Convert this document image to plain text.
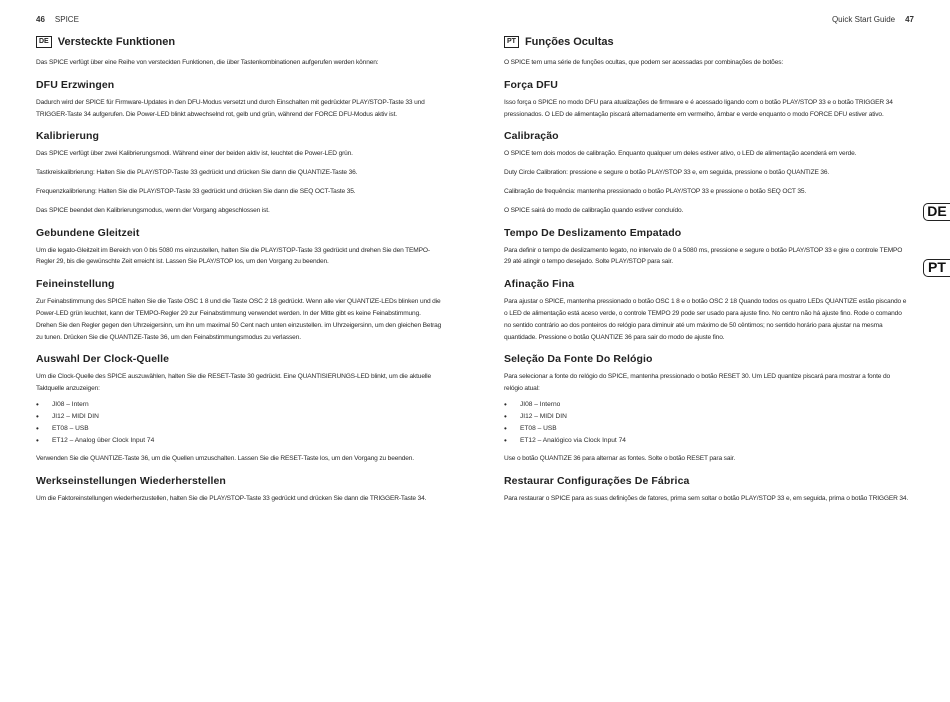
46 SPICE	Quick Start Guide 47
DE Versteckte Funktionen

Das SPICE verfügt über eine Reihe von versteckten Funktionen, die über Tastenkombinationen aufgerufen werden können:

DFU Erzwingen

Dadurch wird der SPICE für Firmware-Updates in den DFU-Modus versetzt und durch Einschalten mit gedrückter PLAY/STOP-Taste 33 und TRIGGER-Taste 34 aufgerufen. Die Power-LED blinkt abwechselnd rot, gelb und grün, während der FORCE DFU-Modus aktiv ist.

Kalibrierung

Das SPICE verfügt über zwei Kalibrierungsmodi. Während einer der beiden aktiv ist, leuchtet die Power-LED grün.

Tastkreiskalibrierung: Halten Sie die PLAY/STOP-Taste 33 gedrückt und drücken Sie dann die QUANTIZE-Taste 36.

Frequenzkalibrierung: Halten Sie die PLAY/STOP-Taste 33 gedrückt und drücken Sie dann die SEQ OCT-Taste 35.

Das SPICE beendet den Kalibrierungsmodus, wenn der Vorgang abgeschlossen ist.

Gebundene Gleitzeit

Um die legato-Gleitzeit im Bereich von 0 bis 5080 ms einzustellen, halten Sie die PLAY/STOP-Taste 33 gedrückt und drehen Sie den TEMPO-Regler 29, bis die gewünschte Zeit erreicht ist. Lassen Sie PLAY/STOP los, um den Vorgang zu beenden.

Feineinstellung

Zur Feinabstimmung des SPICE halten Sie die Taste OSC 1 8 und die Taste OSC 2 18 gedrückt. Wenn alle vier QUANTIZE-LEDs blinken und die Power-LED grün leuchtet, kann der TEMPO-Regler 29 zur Feinabstimmung verwendet werden. In der Mitte gibt es keine Feinabstimmung. Drehen Sie den Regler gegen den Uhrzeigersinn, um ihn um maximal 50 Cent nach unten einzustellen. im Uhrzeigersinn, um den gleichen Betrag zu tunen. Drücken Sie die QUANTIZE-Taste 36, um den Feinabstimmungsmodus zu verlassen.

Auswahl Der Clock-Quelle

Um die Clock-Quelle des SPICE auszuwählen, halten Sie die RESET-Taste 30 gedrückt. Eine QUANTISIERUNGS-LED blinkt, um die aktuelle Taktquelle anzuzeigen:

• JI08 – Intern
• JI12 – MIDI DIN
• ET08 – USB
• ET12 – Analog über Clock Input 74

Verwenden Sie die QUANTIZE-Taste 36, um die Quellen umzuschalten. Lassen Sie die RESET-Taste los, um den Vorgang zu beenden.

Werkseinstellungen Wiederherstellen

Um die Faktoreinstellungen wiederherzustellen, halten Sie die PLAY/STOP-Taste 33 gedrückt und drücken Sie dann die TRIGGER-Taste 34.

PT Funções Ocultas

O SPICE tem uma série de funções ocultas, que podem ser acessadas por combinações de botões:

Força DFU

Isso força o SPICE no modo DFU para atualizações de firmware e é acessado ligando com o botão PLAY/STOP 33 e o botão TRIGGER 34 pressionados. O LED de alimentação piscará alternadamente em vermelho, âmbar e verde enquanto o modo FORCE DFU estiver ativo.

Calibração

O SPICE tem dois modos de calibração. Enquanto qualquer um deles estiver ativo, o LED de alimentação acenderá em verde.

Duty Circle Calibration: pressione e segure o botão PLAY/STOP 33 e, em seguida, pressione o botão QUANTIZE 36.

Calibração de frequência: mantenha pressionado o botão PLAY/STOP 33 e pressione o botão SEQ OCT 35.

O SPICE sairá do modo de calibração quando estiver concluído.

Tempo De Deslizamento Empatado

Para definir o tempo de deslizamento legato, no intervalo de 0 a 5080 ms, pressione e segure o botão PLAY/STOP 33 e gire o controle TEMPO 29 até atingir o tempo desejado. Solte PLAY/STOP para sair.

Afinação Fina

Para ajustar o SPICE, mantenha pressionado o botão OSC 1 8 e o botão OSC 2 18 Quando todos os quatro LEDs QUANTIZE estão piscando e o LED de alimentação está aceso verde, o controle TEMPO 29 pode ser usado para ajuste fino. No centro não há ajuste fino. Rode o comando no sentido contrário ao dos ponteiros do relógio para diminuir até um máximo de 50 cêntimos; no sentido horário para ajustar na mesma quantidade. Pressione o botão QUANTIZE 36 para sair do modo de ajuste fino.

Seleção Da Fonte Do Relógio

Para selecionar a fonte do relógio do SPICE, mantenha pressionado o botão RESET 30. Um LED quantize piscará para mostrar a fonte do relógio atual:

• JI08 – Interno
• JI12 – MIDI DIN
• ET08 – USB
• ET12 – Analógico via Clock Input 74

Use o botão QUANTIZE 36 para alternar as fontes. Solte o botão RESET para sair.

Restaurar Configurações De Fábrica

Para restaurar o SPICE para as suas definições de fatores, prima sem soltar o botão PLAY/STOP 33 e, em seguida, prima o botão TRIGGER 34.

DE
PT
